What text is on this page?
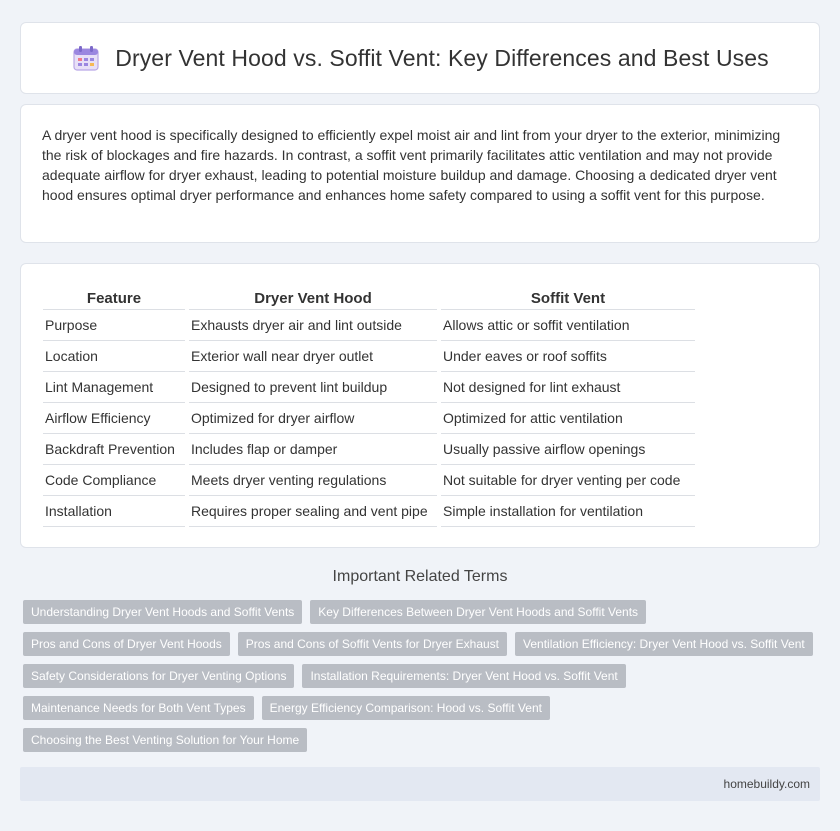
Dryer Vent Hood vs. Soffit Vent: Key Differences and Best Uses

A dryer vent hood is specifically designed to efficiently expel moist air and lint from your dryer to the exterior, minimizing the risk of blockages and fire hazards. In contrast, a soffit vent primarily facilitates attic ventilation and may not provide adequate airflow for dryer exhaust, leading to potential moisture buildup and damage. Choosing a dedicated dryer vent hood ensures optimal dryer performance and enhances home safety compared to using a soffit vent for this purpose.

Feature	Dryer Vent Hood	Soffit Vent
Purpose	Exhausts dryer air and lint outside	Allows attic or soffit ventilation
Location	Exterior wall near dryer outlet	Under eaves or roof soffits
Lint Management	Designed to prevent lint buildup	Not designed for lint exhaust
Airflow Efficiency	Optimized for dryer airflow	Optimized for attic ventilation
Backdraft Prevention	Includes flap or damper	Usually passive airflow openings
Code Compliance	Meets dryer venting regulations	Not suitable for dryer venting per code
Installation	Requires proper sealing and vent pipe	Simple installation for ventilation
Important Related Terms
Understanding Dryer Vent Hoods and Soffit Vents	Key Differences Between Dryer Vent Hoods and Soffit Vents
Pros and Cons of Dryer Vent Hoods	Pros and Cons of Soffit Vents for Dryer Exhaust	Ventilation Efficiency: Dryer Vent Hood vs. Soffit Vent
Safety Considerations for Dryer Venting Options	Installation Requirements: Dryer Vent Hood vs. Soffit Vent
Maintenance Needs for Both Vent Types	Energy Efficiency Comparison: Hood vs. Soffit Vent
Choosing the Best Venting Solution for Your Home
homebuildy.com
